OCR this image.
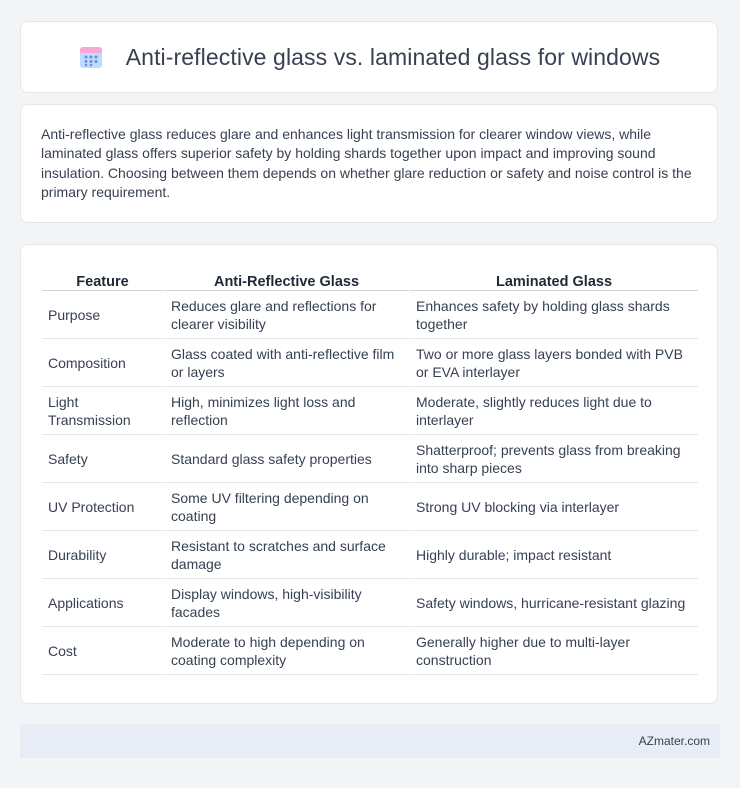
Anti-reflective glass vs. laminated glass for windows

Anti-reflective glass reduces glare and enhances light transmission for clearer window views, while laminated glass offers superior safety by holding shards together upon impact and improving sound insulation. Choosing between them depends on whether glare reduction or safety and noise control is the primary requirement.

Feature	Anti-Reflective Glass	Laminated Glass
Purpose	Reduces glare and reflections for clearer visibility	Enhances safety by holding glass shards together
Composition	Glass coated with anti-reflective film or layers	Two or more glass layers bonded with PVB or EVA interlayer
Light Transmission	High, minimizes light loss and reflection	Moderate, slightly reduces light due to interlayer
Safety	Standard glass safety properties	Shatterproof; prevents glass from breaking into sharp pieces
UV Protection	Some UV filtering depending on coating	Strong UV blocking via interlayer
Durability	Resistant to scratches and surface damage	Highly durable; impact resistant
Applications	Display windows, high-visibility facades	Safety windows, hurricane-resistant glazing
Cost	Moderate to high depending on coating complexity	Generally higher due to multi-layer construction
AZmater.com
